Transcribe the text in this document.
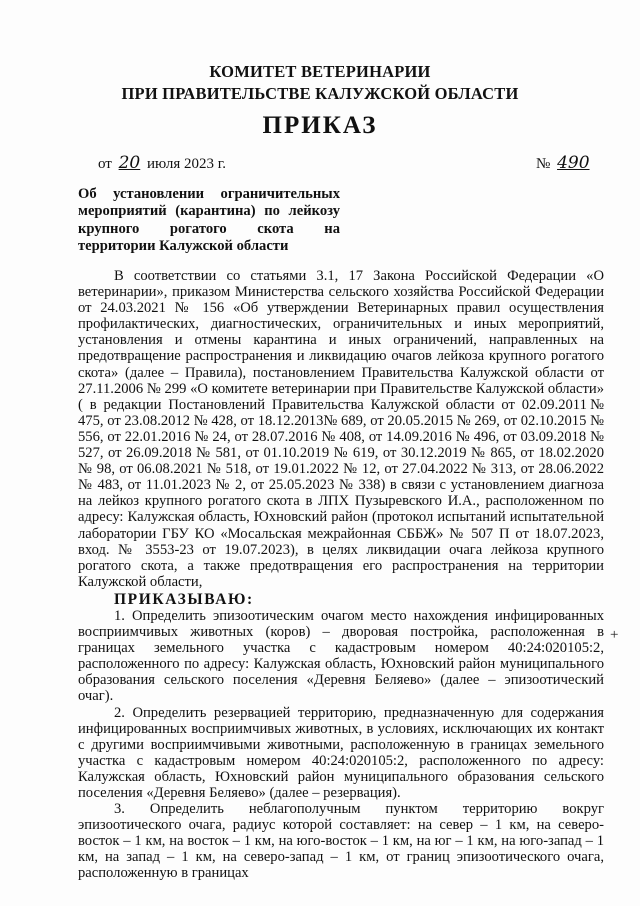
КОМИТЕТ ВЕТЕРИНАРИИ
ПРИ ПРАВИТЕЛЬСТВЕ КАЛУЖСКОЙ ОБЛАСТИ
ПРИКАЗ
от 20 июля 2023 г.	№ 490
Об установлении ограничительных мероприятий (карантина) по лейкозу крупного рогатого скота на территории Калужской области

В соответствии со статьями 3.1, 17 Закона Российской Федерации «О ветеринарии», приказом Министерства сельского хозяйства Российской Федерации от 24.03.2021 № 156 «Об утверждении Ветеринарных правил осуществления профилактических, диагностических, ограничительных и иных мероприятий, установления и отмены карантина и иных ограничений, направленных на предотвращение распространения и ликвидацию очагов лейкоза крупного рогатого скота» (далее – Правила), постановлением Правительства Калужской области от 27.11.2006 № 299 «О комитете ветеринарии при Правительстве Калужской области» ( в редакции Постановлений Правительства Калужской области от 02.09.2011№ 475, от 23.08.2012 № 428, от 18.12.2013№ 689, от 20.05.2015 № 269, от 02.10.2015 № 556, от 22.01.2016 № 24, от 28.07.2016 № 408, от 14.09.2016 № 496, от 03.09.2018 № 527, от 26.09.2018 № 581, от 01.10.2019 № 619, от 30.12.2019 № 865, от 18.02.2020 № 98, от 06.08.2021 № 518, от 19.01.2022 № 12, от 27.04.2022 № 313, от 28.06.2022 № 483, от 11.01.2023 № 2, от 25.05.2023 № 338) в связи с установлением диагноза на лейкоз крупного рогатого скота в ЛПХ Пузыревского И.А., расположенном по адресу: Калужская область, Юхновский район (протокол испытаний испытательной лаборатории ГБУ КО «Мосальская межрайонная СББЖ» № 507 П от 18.07.2023, вход. № 3553-23 от 19.07.2023), в целях ликвидации очага лейкоза крупного рогатого скота, а также предотвращения его распространения на территории Калужской области,

ПРИКАЗЫВАЮ:

1. Определить эпизоотическим очагом место нахождения инфицированных восприимчивых животных (коров) – дворовая постройка, расположенная в границах земельного участка с кадастровым номером 40:24:020105:2, расположенного по адресу: Калужская область, Юхновский район муниципального образования сельского поселения «Деревня Беляево» (далее – эпизоотический очаг).

2. Определить резервацией территорию, предназначенную для содержания инфицированных восприимчивых животных, в условиях, исключающих их контакт с другими восприимчивыми животными, расположенную в границах земельного участка с кадастровым номером 40:24:020105:2, расположенного по адресу: Калужская область, Юхновский район муниципального образования сельского поселения «Деревня Беляево» (далее – резервация).

3. Определить неблагополучным пунктом территорию вокруг эпизоотического очага, радиус которой составляет: на север – 1 км, на северо-восток – 1 км, на восток – 1 км, на юго-восток – 1 км, на юг – 1 км, на юго-запад – 1 км, на запад – 1 км, на северо-запад – 1 км, от границ эпизоотического очага, расположенную в границах

+
